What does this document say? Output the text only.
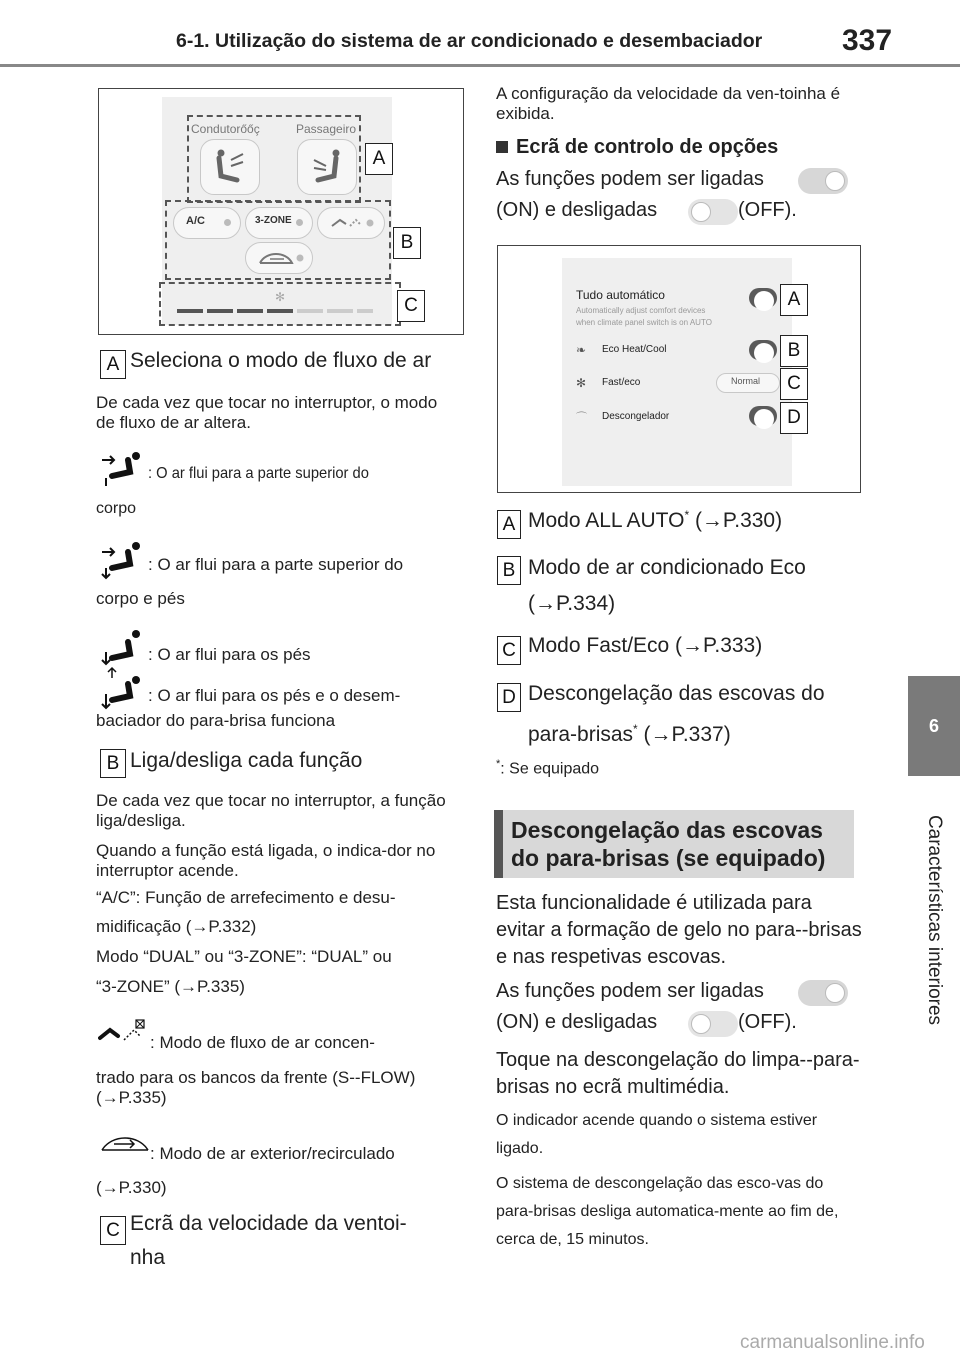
6-1. Utilização do sistema de ar condicionado e desembaciador	337
6
Características interiores
Condutorőőç	Passageiro
A/C	3-ZONE
✻
A
B
C
A Seleciona o modo de fluxo de ar
De cada vez que tocar no interruptor, o modo de fluxo de ar altera.
: O ar flui para a parte superior do
corpo
: O ar flui para a parte superior do
corpo e pés
: O ar flui para os pés
: O ar flui para os pés e o desem-
baciador do para-brisa funciona
B Liga/desliga cada função
De cada vez que tocar no interruptor, a função liga/desliga.
Quando a função está ligada, o indica-dor no interruptor acende.
“A/C”: Função de arrefecimento e desu-
midificação (→P.332)
Modo “DUAL” ou “3-ZONE”: “DUAL” ou
“3-ZONE” (→P.335)
: Modo de fluxo de ar concen-
trado para os bancos da frente (S--FLOW) (→P.335)
: Modo de ar exterior/recirculado
(→P.330)
C Ecrã da velocidade da ventoi-
nha
A configuração da velocidade da ven-toinha é exibida.
Ecrã de controlo de opções
As funções podem ser ligadas
(ON) e desligadas	(OFF).
Tudo automático
Automatically adjust comfort devices
when climate panel switch is on AUTO
❧ Eco Heat/Cool
✻ Fast/eco	Normal
⌒ Descongelador
A
B
C
D
A Modo ALL AUTO* (→P.330)
B Modo de ar condicionado Eco
(→P.334)
C Modo Fast/Eco (→P.333)
D Descongelação das escovas do
para-brisas* (→P.337)
*: Se equipado
Descongelação das escovas
do para-brisas (se equipado)
Esta funcionalidade é utilizada para evitar a formação de gelo no para--brisas e nas respetivas escovas.
As funções podem ser ligadas
(ON) e desligadas	(OFF).
Toque na descongelação do limpa--para-brisas no ecrã multimédia.
O indicador acende quando o sistema estiver ligado.
O sistema de descongelação das esco-vas do para-brisas desliga automatica-mente ao fim de, cerca de, 15 minutos.
carmanualsonline.info
